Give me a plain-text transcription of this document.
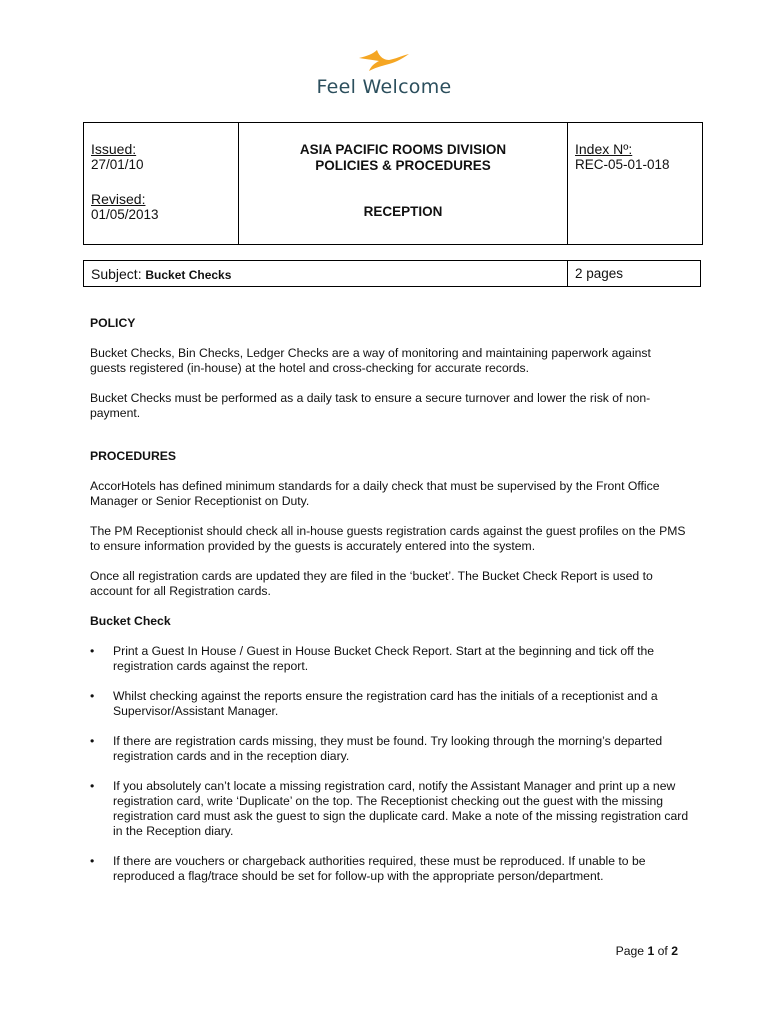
Feel Welcome
Issued:
27/01/10
Revised:
01/05/2013

ASIA PACIFIC ROOMS DIVISION
POLICIES & PROCEDURES
RECEPTION

Index Nº:
REC-05-01-018
Subject: Bucket Checks	2 pages
POLICY

Bucket Checks, Bin Checks, Ledger Checks are a way of monitoring and maintaining paperwork against guests registered (in-house) at the hotel and cross-checking for accurate records.

Bucket Checks must be performed as a daily task to ensure a secure turnover and lower the risk of non-payment.

PROCEDURES

AccorHotels has defined minimum standards for a daily check that must be supervised by the Front Office Manager or Senior Receptionist on Duty.

The PM Receptionist should check all in-house guests registration cards against the guest profiles on the PMS to ensure information provided by the guests is accurately entered into the system.

Once all registration cards are updated they are filed in the ‘bucket’. The Bucket Check Report is used to account for all Registration cards.

Bucket Check
• Print a Guest In House / Guest in House Bucket Check Report. Start at the beginning and tick off the registration cards against the report.
• Whilst checking against the reports ensure the registration card has the initials of a receptionist and a Supervisor/Assistant Manager.
• If there are registration cards missing, they must be found. Try looking through the morning’s departed registration cards and in the reception diary.
• If you absolutely can’t locate a missing registration card, notify the Assistant Manager and print up a new registration card, write ‘Duplicate’ on the top. The Receptionist checking out the guest with the missing registration card must ask the guest to sign the duplicate card. Make a note of the missing registration card in the Reception diary.
• If there are vouchers or chargeback authorities required, these must be reproduced. If unable to be reproduced a flag/trace should be set for follow-up with the appropriate person/department.
Page 1 of 2
